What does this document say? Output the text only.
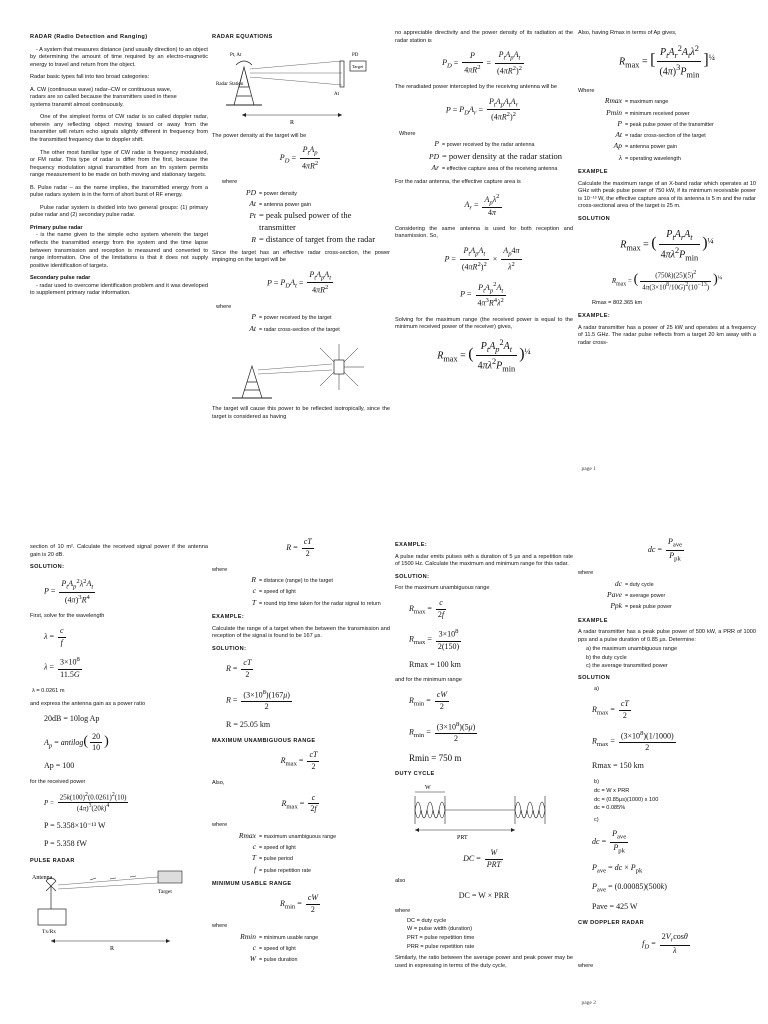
RADAR (Radio Detection and Ranging)

- A system that measures distance (and usually direction) to an object by determining the amount of time required by an electro-magnetic energy to travel and return from the object.

Radar basic types fall into two broad categories:

A. CW (continuous wave) radar–CW or continuous wave,
radars are so called because the transmitters used in these
systems transmit almost continuously.

One of the simplest forms of CW radar is so called doppler radar, wherein any reflecting object moving toward or away from the transmitter will return echo signals slightly different in frequency from the transmitted frequency due to doppler shift.

The other most familiar type of CW radar is frequency modulated, or FM radar. This type of radar is differ from the first, because the frequency modulation signal transmitted from an fm system permits range measurement to be made on both moving and stationary targets.

B. Pulse radar – as the name implies, the transmitted energy from a pulse radars system is in the form of short burst of RF energy.

Pulse radar system is divided into two general groups: (1) primary pulse radar and (2) secondary pulse radar.

Primary pulse radar

- is the name given to the simple echo system wherein the target reflects the transmitted energy from the system and the time lapse between transmission and reception is measured and converted to range information. One of the limitations is that it does not supply positive identification of targets.

Secondary pulse radar

- radar used to overcome identification problem and it was developed to supplement primary radar information.

RADAR EQUATIONS

Pt, At
Radar Station
PD
Target
At
R

The power density at the target will be

$P_D = \frac{P_tA_p}{4\pi R^2}$
where
PD = power density
At = antenna power gain
Pt = peak pulsed power of the transmitter
R = distance of target from the radar

Since the target has an effective radar cross-section, the power impinging on the target will be

$P = P_DA_t = \frac{P_tA_pA_t}{4\pi R^2}$
where
P = power received by the target
At = radar cross-section of the target

The target will cause this power to be reflected isotropically, since the target is considered as having

no appreciable directivity and the power density of its radiation at the radar station is

$P_D = \frac{P}{4\pi R^2} = \frac{P_tA_pA_t}{(4\pi R^2)^2}$

The reradiated power intercepted by the receiving antenna will be

$P = P_DA_r = \frac{P_tA_pA_tA_r}{(4\pi R^2)^2}$
Where
P = power received by the radar antenna
PD = power density at the radar station
Ar = effective capture area of the receiving antenna

For the radar antenna, the effective capture area is

$A_r = \frac{A_p\lambda^2}{4\pi}$

Considering the same antenna is used for both reception and transmission. So,

$P = \frac{P_tA_pA_t}{(4\pi R^2)^2} \times \frac{A_p4\pi}{\lambda^2}$
$P = \frac{P_tA_p^2A_t}{4\pi^3R^4\lambda^2}$

Solving for the maximum range (the received power is equal to the minimum received power of the receiver) gives,

$R_{max}$ = ( $\frac{P_tA_p^2A_t}{4\pi\lambda^2P_{min}} )^{\frac{1}{4}}$

Also, having Rmax in terms of Ap gives,

$R_{max}$ = [ $\frac{P_tA_r^2A_t\lambda^2}{(4\pi)^3P_{min}} ]^{\frac{1}{4}}$
Where
Rmax = maximum range
Pmin = minimum received power
P = peak pulse power of the transmitter
At = radar cross-section of the target
Ap = antenna power gain
λ = operating wavelength
EXAMPLE

Calculate the maximum range of an X-band radar which operates at 10 GHz with peak pulse power of 750 kW, if its minimum receivable power is 10⁻¹³ W, the effective capture area of its antenna is 5 m and the radar cross-sectional area of the target is 25 m.

SOLUTION
$R_{max}$ = ( $\frac{P_tA_rA_t}{4\pi\lambda^2P_{min}} )^{\frac{1}{4}}$
$R_{max}$ = ( $\frac{(750k)(25)(5)^2}{4\pi(3\times 10^8/10G)^2(10^{-13})} )^{\frac{1}{4}}$
Rmax = 802.365 km
EXAMPLE:

A radar transmitter has a power of 25 kW and operates at a frequency of 11.5 GHz. The radar pulse reflects from a target 20 km away with a radar cross-

page 1

section of 10 m². Calculate the received signal power if the antenna gain is 20 dB.

SOLUTION:
$P = \frac{P_tA_p^2\lambda^2A_t}{(4\pi)^3R^4}$

First, solve for the wavelength

$\lambda = \frac{c}{f}$
$\lambda = \frac{3\times 10^8}{11.5G}$
λ = 0.0261 m

and express the antenna gain as a power ratio

20dB = 10log Ap
$A_p$ = antilog( $\frac{20}{10}$ )
Ap = 100

for the received power

$P = \frac{25k(100)^2(0.0261)^2(10)}{(4\pi)^3(20k)^4}$
P = 5.358×10⁻¹³ W
P = 5.358 fW
PULSE RADAR
Antenna
Tx/Rx
Target
R
$R = \frac{cT}{2}$
where
R = distance (range) to the target
c = speed of light
T = round trip time taken for the radar signal to return
EXAMPLE:

Calculate the range of a target when the between the transmission and reception of the signal is found to be 167 μs.

SOLUTION:
$R = \frac{cT}{2}$
$R = \frac{(3\times 10^8)(167\mu)}{2}$
R = 25.05 km
MAXIMUM UNAMBIGUOUS RANGE
$R_{max} = \frac{cT}{2}$
Also,
$R_{max} = \frac{c}{2f}$
where
Rmax = maximum unambiguous range
c = speed of light
T = pulse period
f = pulse repetition rate
MINIMUM USABLE RANGE
$R_{min} = \frac{cW}{2}$
where
Rmin = minimum usable range
c = speed of light
W = pulse duration
EXAMPLE:

A pulse radar emits pulses with a duration of 5 μs and a repetition rate of 1500 Hz. Calculate the maximum and minimum range for this radar.

SOLUTION:
For the maximum unambiguous range
$R_{max} = \frac{c}{2f}$
$R_{max} = \frac{3\times 10^8}{2(150)}$
Rmax = 100 km
and for the minimum range
$R_{min} = \frac{cW}{2}$
$R_{min} = \frac{(3\times 10^8)(5\mu)}{2}$
Rmin = 750 m
DUTY CYCLE
W
PRT
DC = $\frac{W}{\text{PRT}}$
also
DC = W × PRR
where
DC = duty cycle
W = pulse width (duration)
PRT = pulse repetition time
PRR = pulse repetition rate

Similarly, the ratio between the average power and peak power may be used in expressing in terms of the duty cycle,

dc = $\frac{P_{ave}}{P_{pk}}$
where
dc = duty cycle
Pave = average power
Ppk = peak pulse power
EXAMPLE

A radar transmitter has a peak pulse power of 500 kW, a PRR of 1000 pps and a pulse duration of 0.85 μs. Determine:

a) the maximum unambiguous range
b) the duty cycle
c) the average transmitted power
SOLUTION
a)
$R_{max} = \frac{cT}{2}$
$R_{max} = \frac{(3\times 10^8)(1/1000)}{2}$
Rmax = 150 km
b)
dc = W x PRR
dc = (0.85μs)(1000) x 100
dc = 0.085%
c)
dc = $\frac{P_{ave}}{P_{pk}}$
$P_{ave}$ = dc × $P_{pk}$
$P_{ave} = (0.00085)(500k)$
Pave = 425 W
CW DOPPLER RADAR
$f_D = \frac{2V_r\cos\theta}{\lambda}$
where
page 2
